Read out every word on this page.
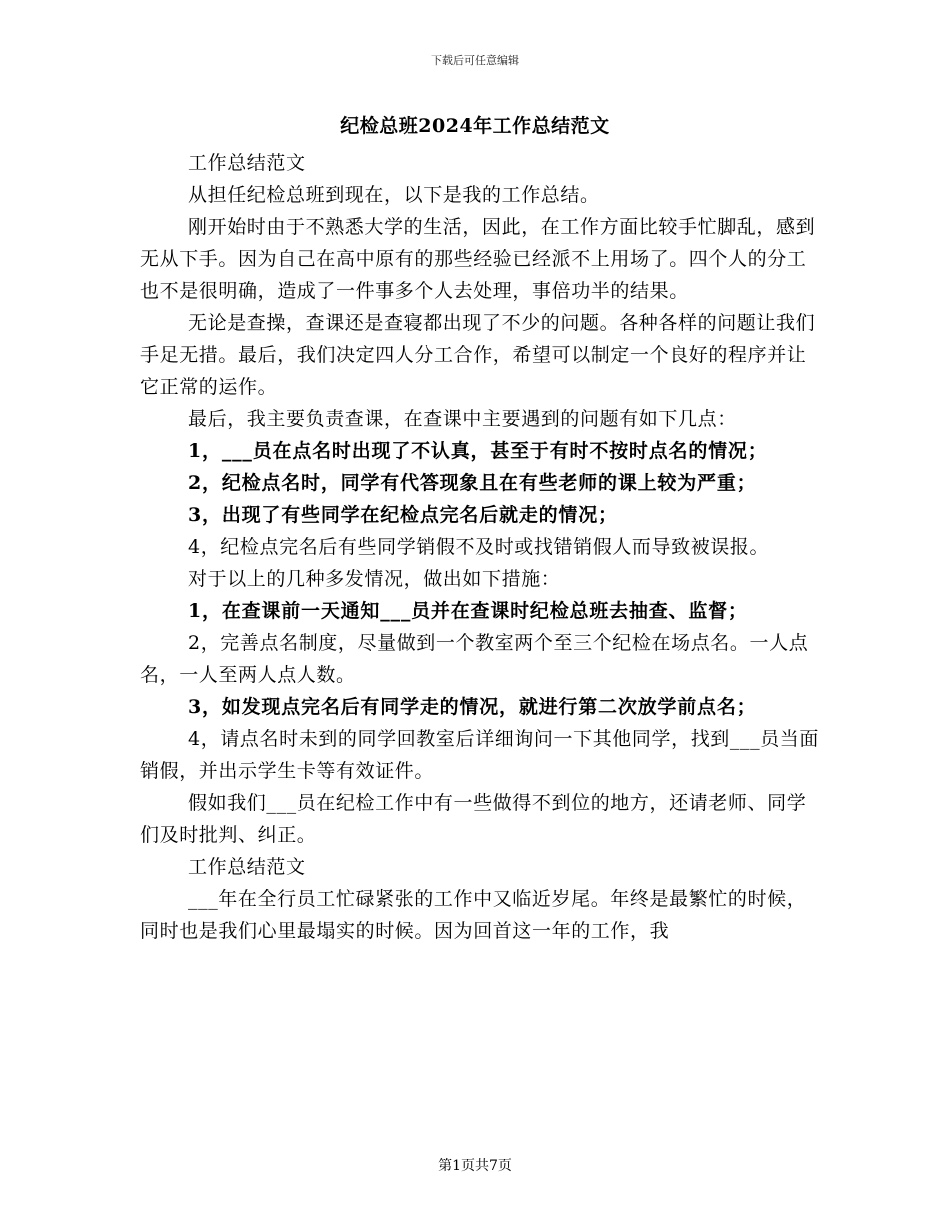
下载后可任意编辑
纪检总班2024年工作总结范文

工作总结范文

从担任纪检总班到现在，以下是我的工作总结。

刚开始时由于不熟悉大学的生活，因此，在工作方面比较手忙脚乱，感到无从下手。因为自己在高中原有的那些经验已经派不上用场了。四个人的分工也不是很明确，造成了一件事多个人去处理，事倍功半的结果。

无论是查操，查课还是查寝都出现了不少的问题。各种各样的问题让我们手足无措。最后，我们决定四人分工合作，希望可以制定一个良好的程序并让它正常的运作。

最后，我主要负责查课，在查课中主要遇到的问题有如下几点：

1，___员在点名时出现了不认真，甚至于有时不按时点名的情况；

2，纪检点名时，同学有代答现象且在有些老师的课上较为严重；

3，出现了有些同学在纪检点完名后就走的情况；

4，纪检点完名后有些同学销假不及时或找错销假人而导致被误报。

对于以上的几种多发情况，做出如下措施：

1，在查课前一天通知___员并在查课时纪检总班去抽查、监督；

2，完善点名制度，尽量做到一个教室两个至三个纪检在场点名。一人点名，一人至两人点人数。

3，如发现点完名后有同学走的情况，就进行第二次放学前点名；

4，请点名时未到的同学回教室后详细询问一下其他同学，找到___员当面销假，并出示学生卡等有效证件。

假如我们___员在纪检工作中有一些做得不到位的地方，还请老师、同学们及时批判、纠正。

工作总结范文

___年在全行员工忙碌紧张的工作中又临近岁尾。年终是最繁忙的时候，同时也是我们心里最塌实的时候。因为回首这一年的工作，我

第1页共7页
